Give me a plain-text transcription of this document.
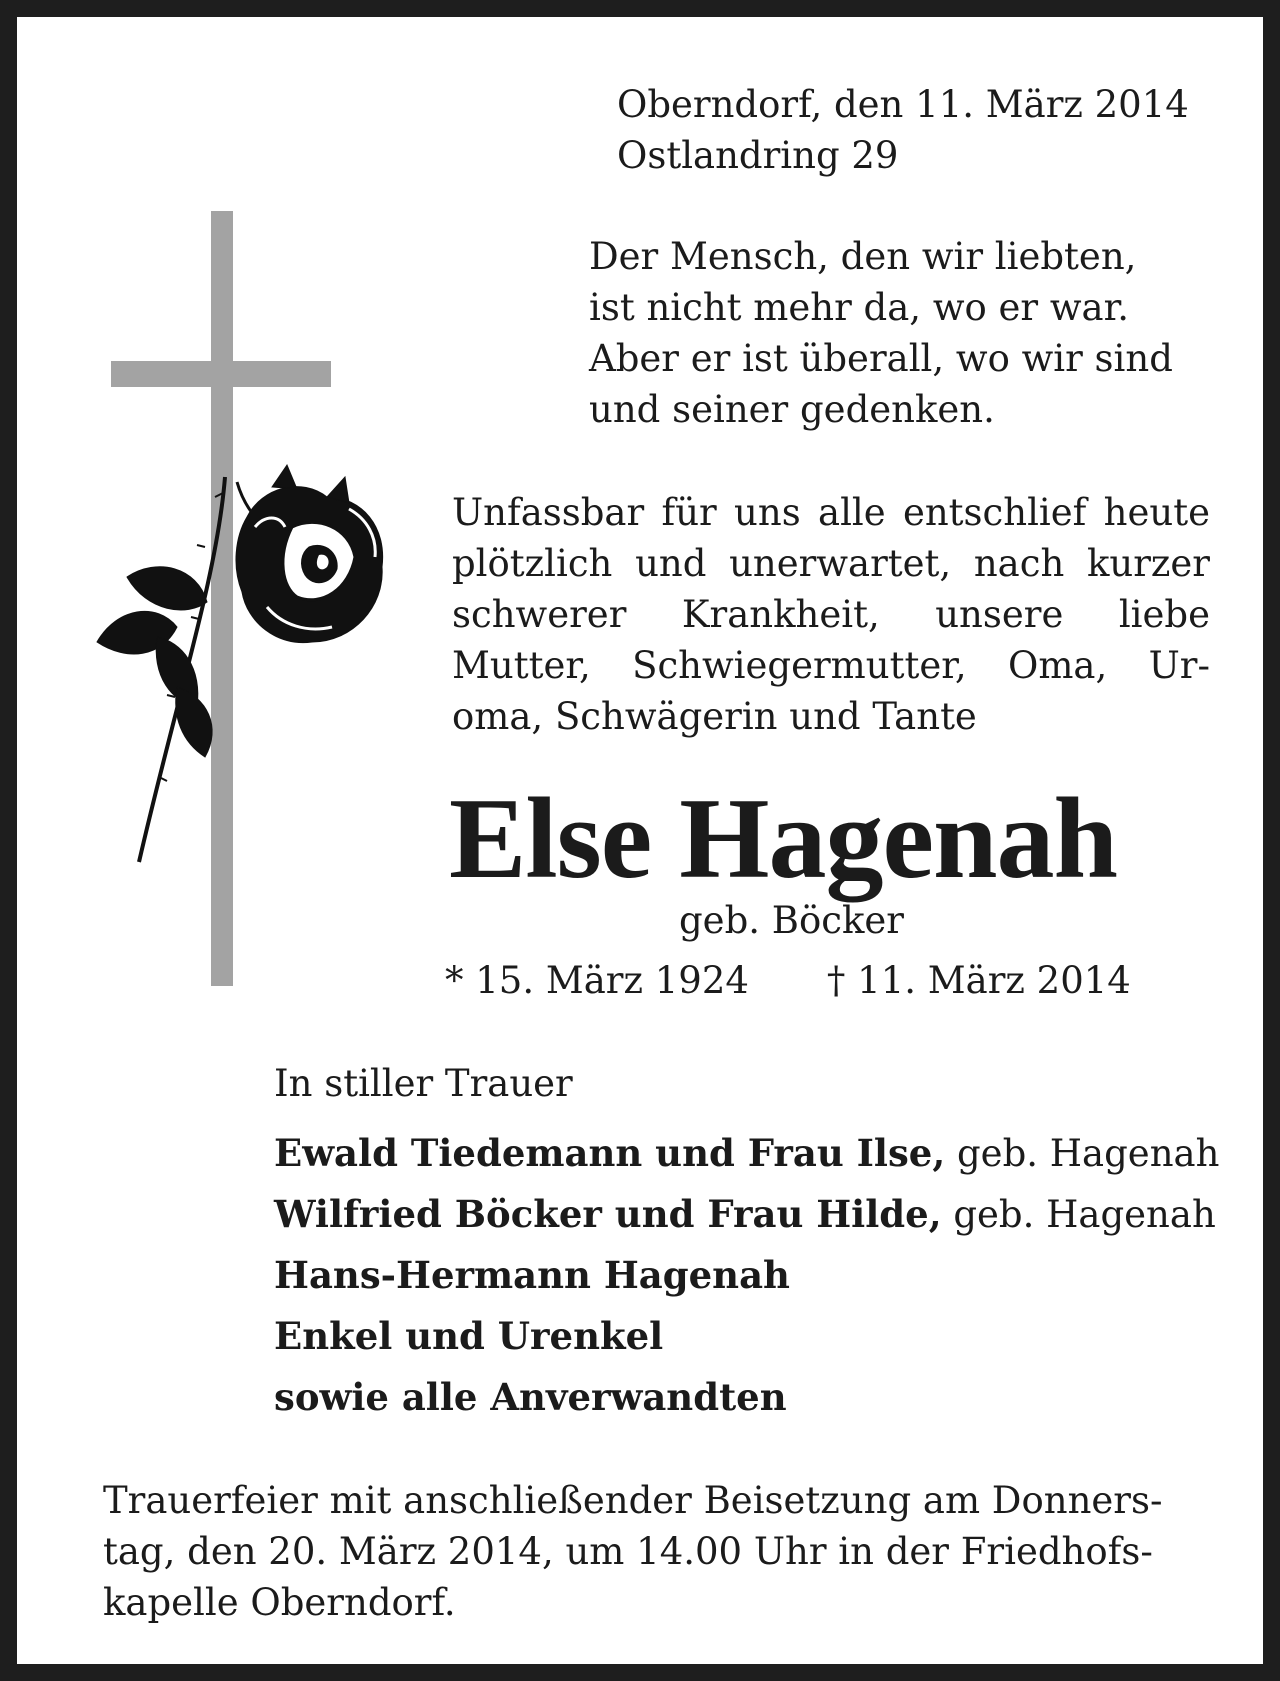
Oberndorf, den 11. März 2014
Ostlandring 29
Der Mensch, den wir liebten,
ist nicht mehr da, wo er war.
Aber er ist überall, wo wir sind
und seiner gedenken.
Unfassbar für uns alle entschlief heute
plötzlich und unerwartet, nach kurzer
schwerer Krankheit, unsere liebe
Mutter, Schwiegermutter, Oma, Ur-
oma, Schwägerin und Tante
Else Hagenah
geb. Böcker
* 15. März 1924 † 11. März 2014
In stiller Trauer
Ewald Tiedemann und Frau Ilse, geb. Hagenah
Wilfried Böcker und Frau Hilde, geb. Hagenah
Hans-Hermann Hagenah
Enkel und Urenkel
sowie alle Anverwandten
Trauerfeier mit anschließender Beisetzung am Donners-
tag, den 20. März 2014, um 14.00 Uhr in der Friedhofs-
kapelle Oberndorf.
